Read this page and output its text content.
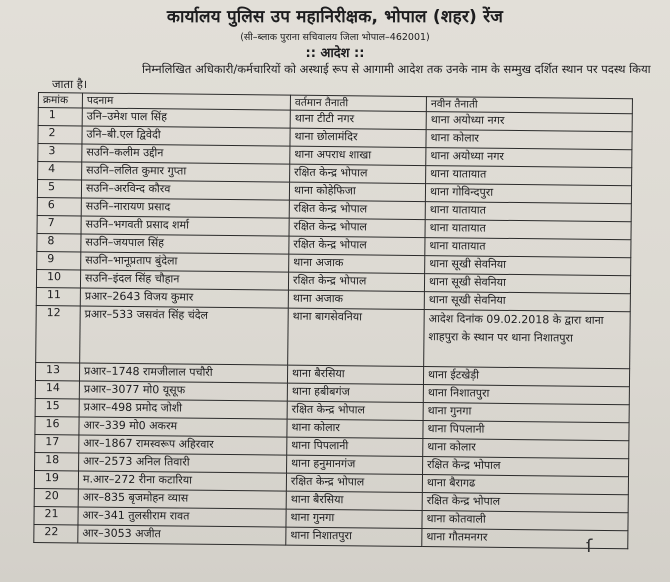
कार्यालय पुलिस उप महानिरीक्षक, भोपाल (शहर) रेंज
(सी–ब्लाक पुराना सचिवालय जिला भोपाल–462001)
:: आदेश ::
निम्नलिखित अधिकारी/कर्मचारियों को अस्थाई रूप से आगामी आदेश तक उनके नाम के सम्मुख दर्शित स्थान पर पदस्थ किया जाता है।
क्रमांक	पदनाम	वर्तमान तैनाती	नवीन तैनाती
1	उनि–उमेश पाल सिंह	थाना टीटी नगर	थाना अयोध्या नगर
2	उनि–बी.एल द्विवेदी	थाना छोलामंदिर	थाना कोलार
3	सउनि–कलीम उद्दीन	थाना अपराध शाखा	थाना अयोध्या नगर
4	सउनि–ललित कुमार गुप्ता	रक्षित केन्द्र भोपाल	थाना यातायात
5	सउनि–अरविन्द कौरव	थाना कोहेफिजा	थाना गोविन्दपुरा
6	सउनि–नारायण प्रसाद	रक्षित केन्द्र भोपाल	थाना यातायात
7	सउनि–भगवती प्रसाद शर्मा	रक्षित केन्द्र भोपाल	थाना यातायात
8	सउनि–जयपाल सिंह	रक्षित केन्द्र भोपाल	थाना यातायात
9	सउनि–भानूप्रताप बुंदेला	थाना अजाक	थाना सूखी सेवनिया
10	सउनि–इंदल सिंह चौहान	रक्षित केन्द्र भोपाल	थाना सूखी सेवनिया
11	प्रआर–2643 विजय कुमार	थाना अजाक	थाना सूखी सेवनिया
12	प्रआर–533 जसवंत सिंह चंदेल	थाना बागसेवनिया	आदेश दिनांक 09.02.2018 के द्वारा थाना शाहपुरा के स्थान पर थाना निशातपुरा
13	प्रआर–1748 रामजीलाल पचौरी	थाना बैरसिया	थाना ईटखेड़ी
14	प्रआर–3077 मो0 यूसूफ	थाना हबीबगंज	थाना निशातपुरा
15	प्रआर–498 प्रमोद जोशी	रक्षित केन्द्र भोपाल	थाना गुनगा
16	आर–339 मो0 अकरम	थाना कोलार	थाना पिपलानी
17	आर–1867 रामस्वरूप अहिरवार	थाना पिपलानी	थाना कोलार
18	आर–2573 अनिल तिवारी	थाना हनुमानगंज	रक्षित केन्द्र भोपाल
19	म.आर–272 रीना कटारिया	रक्षित केन्द्र भोपाल	थाना बैरागढ
20	आर–835 बृजमोहन व्यास	थाना बैरसिया	रक्षित केन्द्र भोपाल
21	आर–341 तुलसीराम रावत	थाना गुनगा	थाना कोतवाली
22	आर–3053 अजीत	थाना निशातपुरा	थाना गौतमनगर	ſ
